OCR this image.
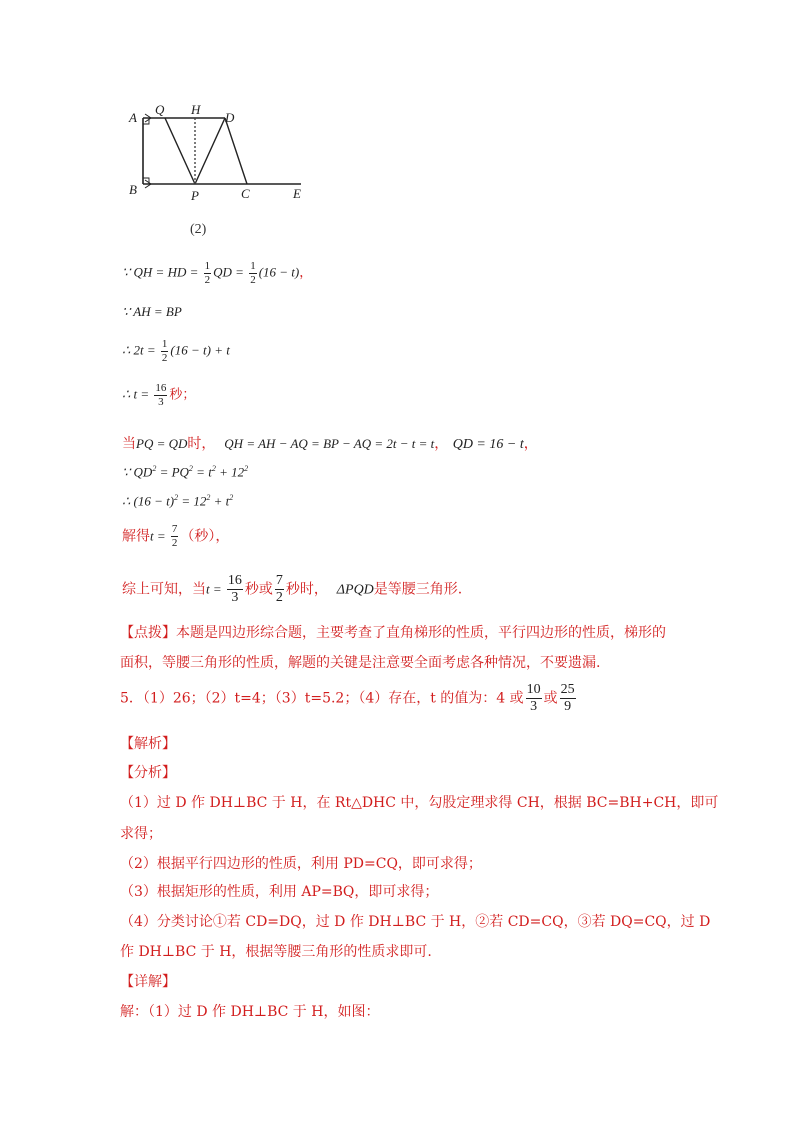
A
Q H
D
B	P	C	E
(2)
∵ QH = HD = $\frac{1}{2}$ QD = $\frac{1}{2} (16 - t)$，
∵ AH = BP
∴ $2t = \frac{1}{2} (16 - t) + t$
∴ $t = \frac{16}{3}$ 秒；
当PQ = QD时， QH = AH − AQ = BP − AQ = 2t − t = t， QD = 16 − t，
∵ $QD^2 = PQ^2 = t^2 + 12^2$
∴ $(16 - t)^2 = 12^2 + t^2$
解得$t = \frac{7}{2}$ （秒），
综上可知，当$t = \frac{16}{3}$ 秒或 $\frac{7}{2}$ 秒时， ΔPQD是等腰三角形.
【点拨】本题是四边形综合题，主要考查了直角梯形的性质，平行四边形的性质，梯形的
面积，等腰三角形的性质，解题的关键是注意要全面考虑各种情况，不要遗漏.
5．（1）26；（2）t=4；（3）t=5.2；（4）存在，t 的值为：4 或 $\frac{10}{3}$ 或 $\frac{25}{9}$
【解析】
【分析】
（1）过 D 作 DH⊥BC 于 H，在 Rt△DHC 中，勾股定理求得 CH，根据 BC=BH+CH，即可
求得；
（2）根据平行四边形的性质，利用 PD=CQ，即可求得；
（3）根据矩形的性质，利用 AP=BQ，即可求得；
（4）分类讨论①若 CD=DQ，过 D 作 DH⊥BC 于 H，②若 CD=CQ，③若 DQ=CQ，过 D
作 DH⊥BC 于 H，根据等腰三角形的性质求即可.
【详解】
解：（1）过 D 作 DH⊥BC 于 H，如图：
